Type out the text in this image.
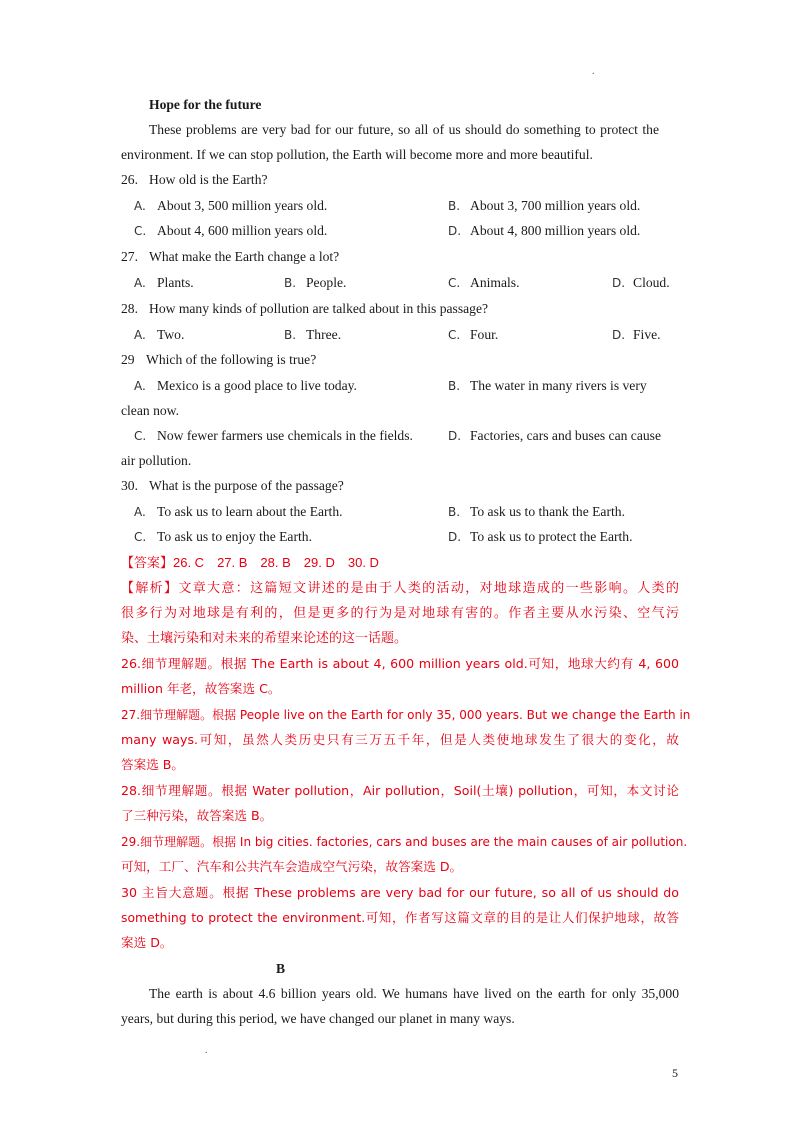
.
Hope for the future
These problems are very bad for our future, so all of us should do something to protect the
environment. If we can stop pollution, the Earth will become more and more beautiful.
26. How old is the Earth?
A. About 3, 500 million years old.	B. About 3, 700 million years old.
C. About 4, 600 million years old.	D. About 4, 800 million years old.
27. What make the Earth change a lot?
A. Plants.	B. People.	C. Animals.	D. Cloud.
28. How many kinds of pollution are talked about in this passage?
A. Two.	B. Three.	C. Four.	D. Five.
29 Which of the following is true?
A. Mexico is a good place to live today.	B. The water in many rivers is very
clean now.
C. Now fewer farmers use chemicals in the fields.	D. Factories, cars and buses can cause
air pollution.
30. What is the purpose of the passage?
A. To ask us to learn about the Earth.	B. To ask us to thank the Earth.
C. To ask us to enjoy the Earth.	D. To ask us to protect the Earth.
【答案】26. C　27. B　28. B　29. D　30. D
【解析】文章大意：这篇短文讲述的是由于人类的活动，对地球造成的一些影响。人类的
很多行为对地球是有利的，但是更多的行为是对地球有害的。作者主要从水污染、空气污
染、土壤污染和对未来的希望来论述的这一话题。
26.细节理解题。根据 The Earth is about 4, 600 million years old.可知，地球大约有 4, 600
million 年老，故答案选 C。
27.细节理解题。根据 People live on the Earth for only 35, 000 years. But we change the Earth in
many ways.可知，虽然人类历史只有三万五千年，但是人类使地球发生了很大的变化，故
答案选 B。
28.细节理解题。根据 Water pollution，Air pollution，Soil(土壤) pollution，可知，本文讨论
了三种污染，故答案选 B。
29.细节理解题。根据 In big cities. factories, cars and buses are the main causes of air pollution.
可知，工厂、汽车和公共汽车会造成空气污染，故答案选 D。
30 主旨大意题。根据 These problems are very bad for our future, so all of us should do
something to protect the environment.可知，作者写这篇文章的目的是让人们保护地球，故答
案选 D。
B
The earth is about 4.6 billion years old. We humans have lived on the earth for only 35,000
years, but during this period, we have changed our planet in many ways.
.
5
